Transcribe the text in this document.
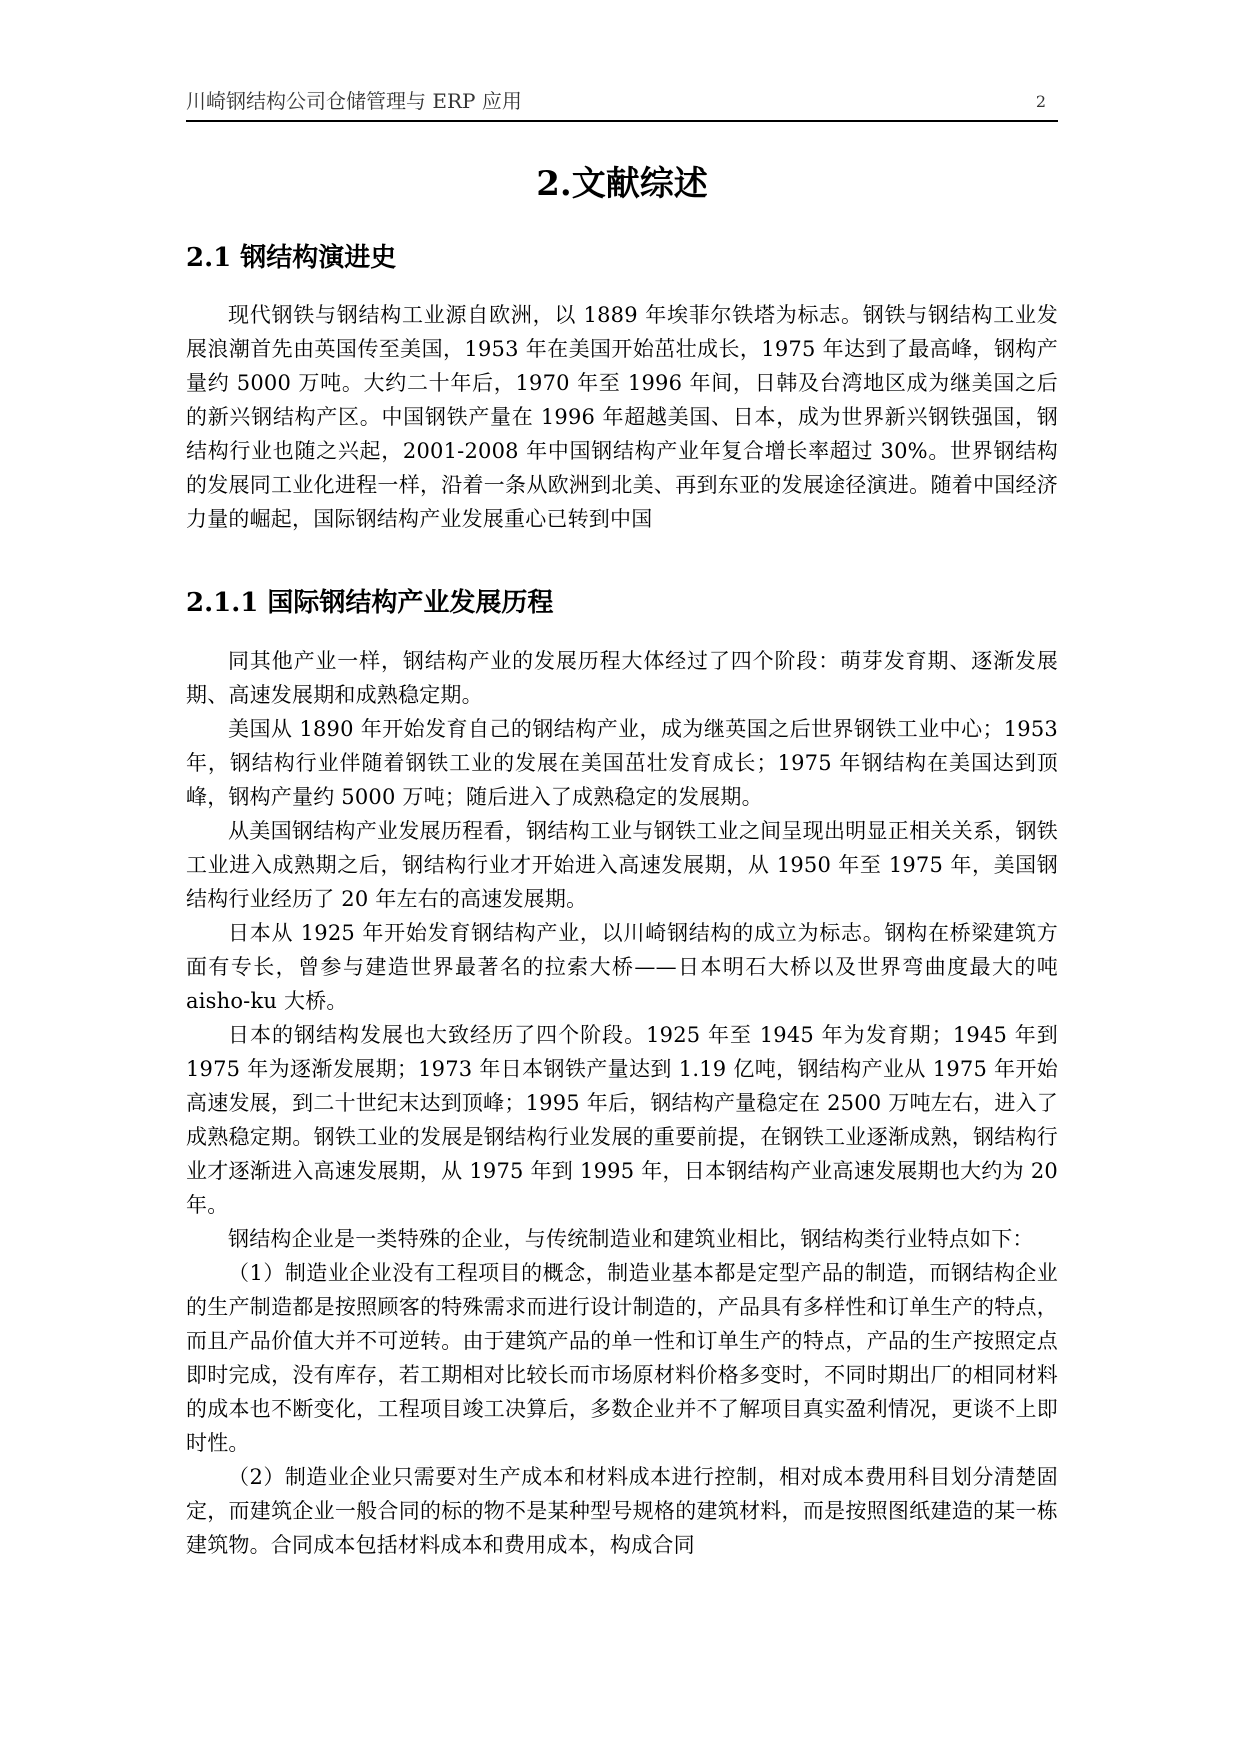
川崎钢结构公司仓储管理与 ERP 应用	2
2.文献综述
2.1 钢结构演进史

现代钢铁与钢结构工业源自欧洲，以 1889 年埃菲尔铁塔为标志。钢铁与钢结构工业发展浪潮首先由英国传至美国，1953 年在美国开始茁壮成长，1975 年达到了最高峰，钢构产量约 5000 万吨。大约二十年后，1970 年至 1996 年间，日韩及台湾地区成为继美国之后的新兴钢结构产区。中国钢铁产量在 1996 年超越美国、日本，成为世界新兴钢铁强国，钢结构行业也随之兴起，2001-2008 年中国钢结构产业年复合增长率超过 30%。世界钢结构的发展同工业化进程一样，沿着一条从欧洲到北美、再到东亚的发展途径演进。随着中国经济力量的崛起，国际钢结构产业发展重心已转到中国

2.1.1 国际钢结构产业发展历程

同其他产业一样，钢结构产业的发展历程大体经过了四个阶段：萌芽发育期、逐渐发展期、高速发展期和成熟稳定期。

美国从 1890 年开始发育自己的钢结构产业，成为继英国之后世界钢铁工业中心；1953 年，钢结构行业伴随着钢铁工业的发展在美国茁壮发育成长；1975 年钢结构在美国达到顶峰，钢构产量约 5000 万吨；随后进入了成熟稳定的发展期。

从美国钢结构产业发展历程看，钢结构工业与钢铁工业之间呈现出明显正相关关系，钢铁工业进入成熟期之后，钢结构行业才开始进入高速发展期，从 1950 年至 1975 年，美国钢结构行业经历了 20 年左右的高速发展期。

日本从 1925 年开始发育钢结构产业，以川崎钢结构的成立为标志。钢构在桥梁建筑方面有专长，曾参与建造世界最著名的拉索大桥——日本明石大桥以及世界弯曲度最大的吨 aisho-ku 大桥。

日本的钢结构发展也大致经历了四个阶段。1925 年至 1945 年为发育期；1945 年到 1975 年为逐渐发展期；1973 年日本钢铁产量达到 1.19 亿吨，钢结构产业从 1975 年开始高速发展，到二十世纪末达到顶峰；1995 年后，钢结构产量稳定在 2500 万吨左右，进入了成熟稳定期。钢铁工业的发展是钢结构行业发展的重要前提，在钢铁工业逐渐成熟，钢结构行业才逐渐进入高速发展期，从 1975 年到 1995 年，日本钢结构产业高速发展期也大约为 20 年。

钢结构企业是一类特殊的企业，与传统制造业和建筑业相比，钢结构类行业特点如下：

（1）制造业企业没有工程项目的概念，制造业基本都是定型产品的制造，而钢结构企业的生产制造都是按照顾客的特殊需求而进行设计制造的，产品具有多样性和订单生产的特点，而且产品价值大并不可逆转。由于建筑产品的单一性和订单生产的特点，产品的生产按照定点即时完成，没有库存，若工期相对比较长而市场原材料价格多变时，不同时期出厂的相同材料的成本也不断变化，工程项目竣工决算后，多数企业并不了解项目真实盈利情况，更谈不上即时性。

（2）制造业企业只需要对生产成本和材料成本进行控制，相对成本费用科目划分清楚固定，而建筑企业一般合同的标的物不是某种型号规格的建筑材料，而是按照图纸建造的某一栋建筑物。合同成本包括材料成本和费用成本，构成合同
